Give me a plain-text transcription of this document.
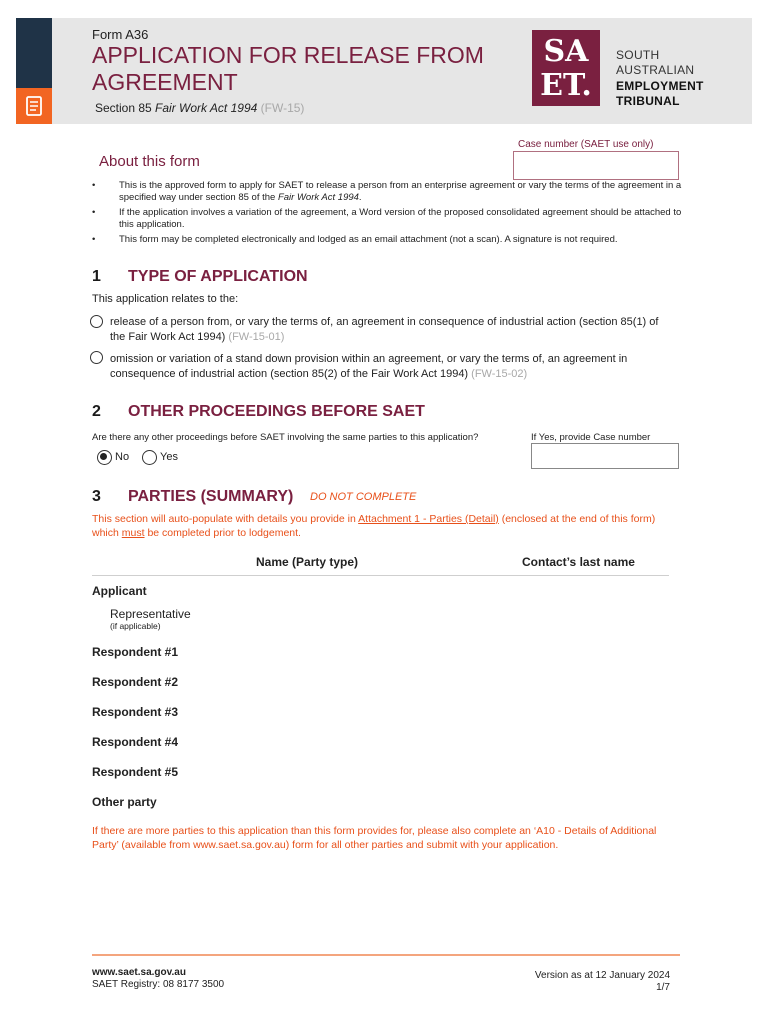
Form A36
APPLICATION FOR RELEASE FROM AGREEMENT
Section 85 Fair Work Act 1994 (FW-15)
SA ET.
SOUTH
AUSTRALIAN
EMPLOYMENT
TRIBUNAL
Case number (SAET use only)
About this form
• This is the approved form to apply for SAET to release a person from an enterprise agreement or vary the terms of the agreement in a specified way under section 85 of the Fair Work Act 1994.
• If the application involves a variation of the agreement, a Word version of the proposed consolidated agreement should be attached to this application.
• This form may be completed electronically and lodged as an email attachment (not a scan). A signature is not required.
1 TYPE OF APPLICATION
This application relates to the:
release of a person from, or vary the terms of, an agreement in consequence of industrial action (section 85(1) of the Fair Work Act 1994) (FW-15-01)
omission or variation of a stand down provision within an agreement, or vary the terms of, an agreement in consequence of industrial action (section 85(2) of the Fair Work Act 1994) (FW-15-02)
2 OTHER PROCEEDINGS BEFORE SAET
Are there any other proceedings before SAET involving the same parties to this application?	If Yes, provide Case number
No	Yes
3 PARTIES (SUMMARY) DO NOT COMPLETE
This section will auto-populate with details you provide in Attachment 1 - Parties (Detail) (enclosed at the end of this form) which must be completed prior to lodgement.
Name (Party type)	Contact’s last name
Applicant
Representative
(if applicable)
Respondent #1
Respondent #2
Respondent #3
Respondent #4
Respondent #5
Other party
If there are more parties to this application than this form provides for, please also complete an ‘A10 - Details of Additional Party’ (available from www.saet.sa.gov.au) form for all other parties and submit with your application.
www.saet.sa.gov.au
SAET Registry: 08 8177 3500
Version as at 12 January 2024
1/7
